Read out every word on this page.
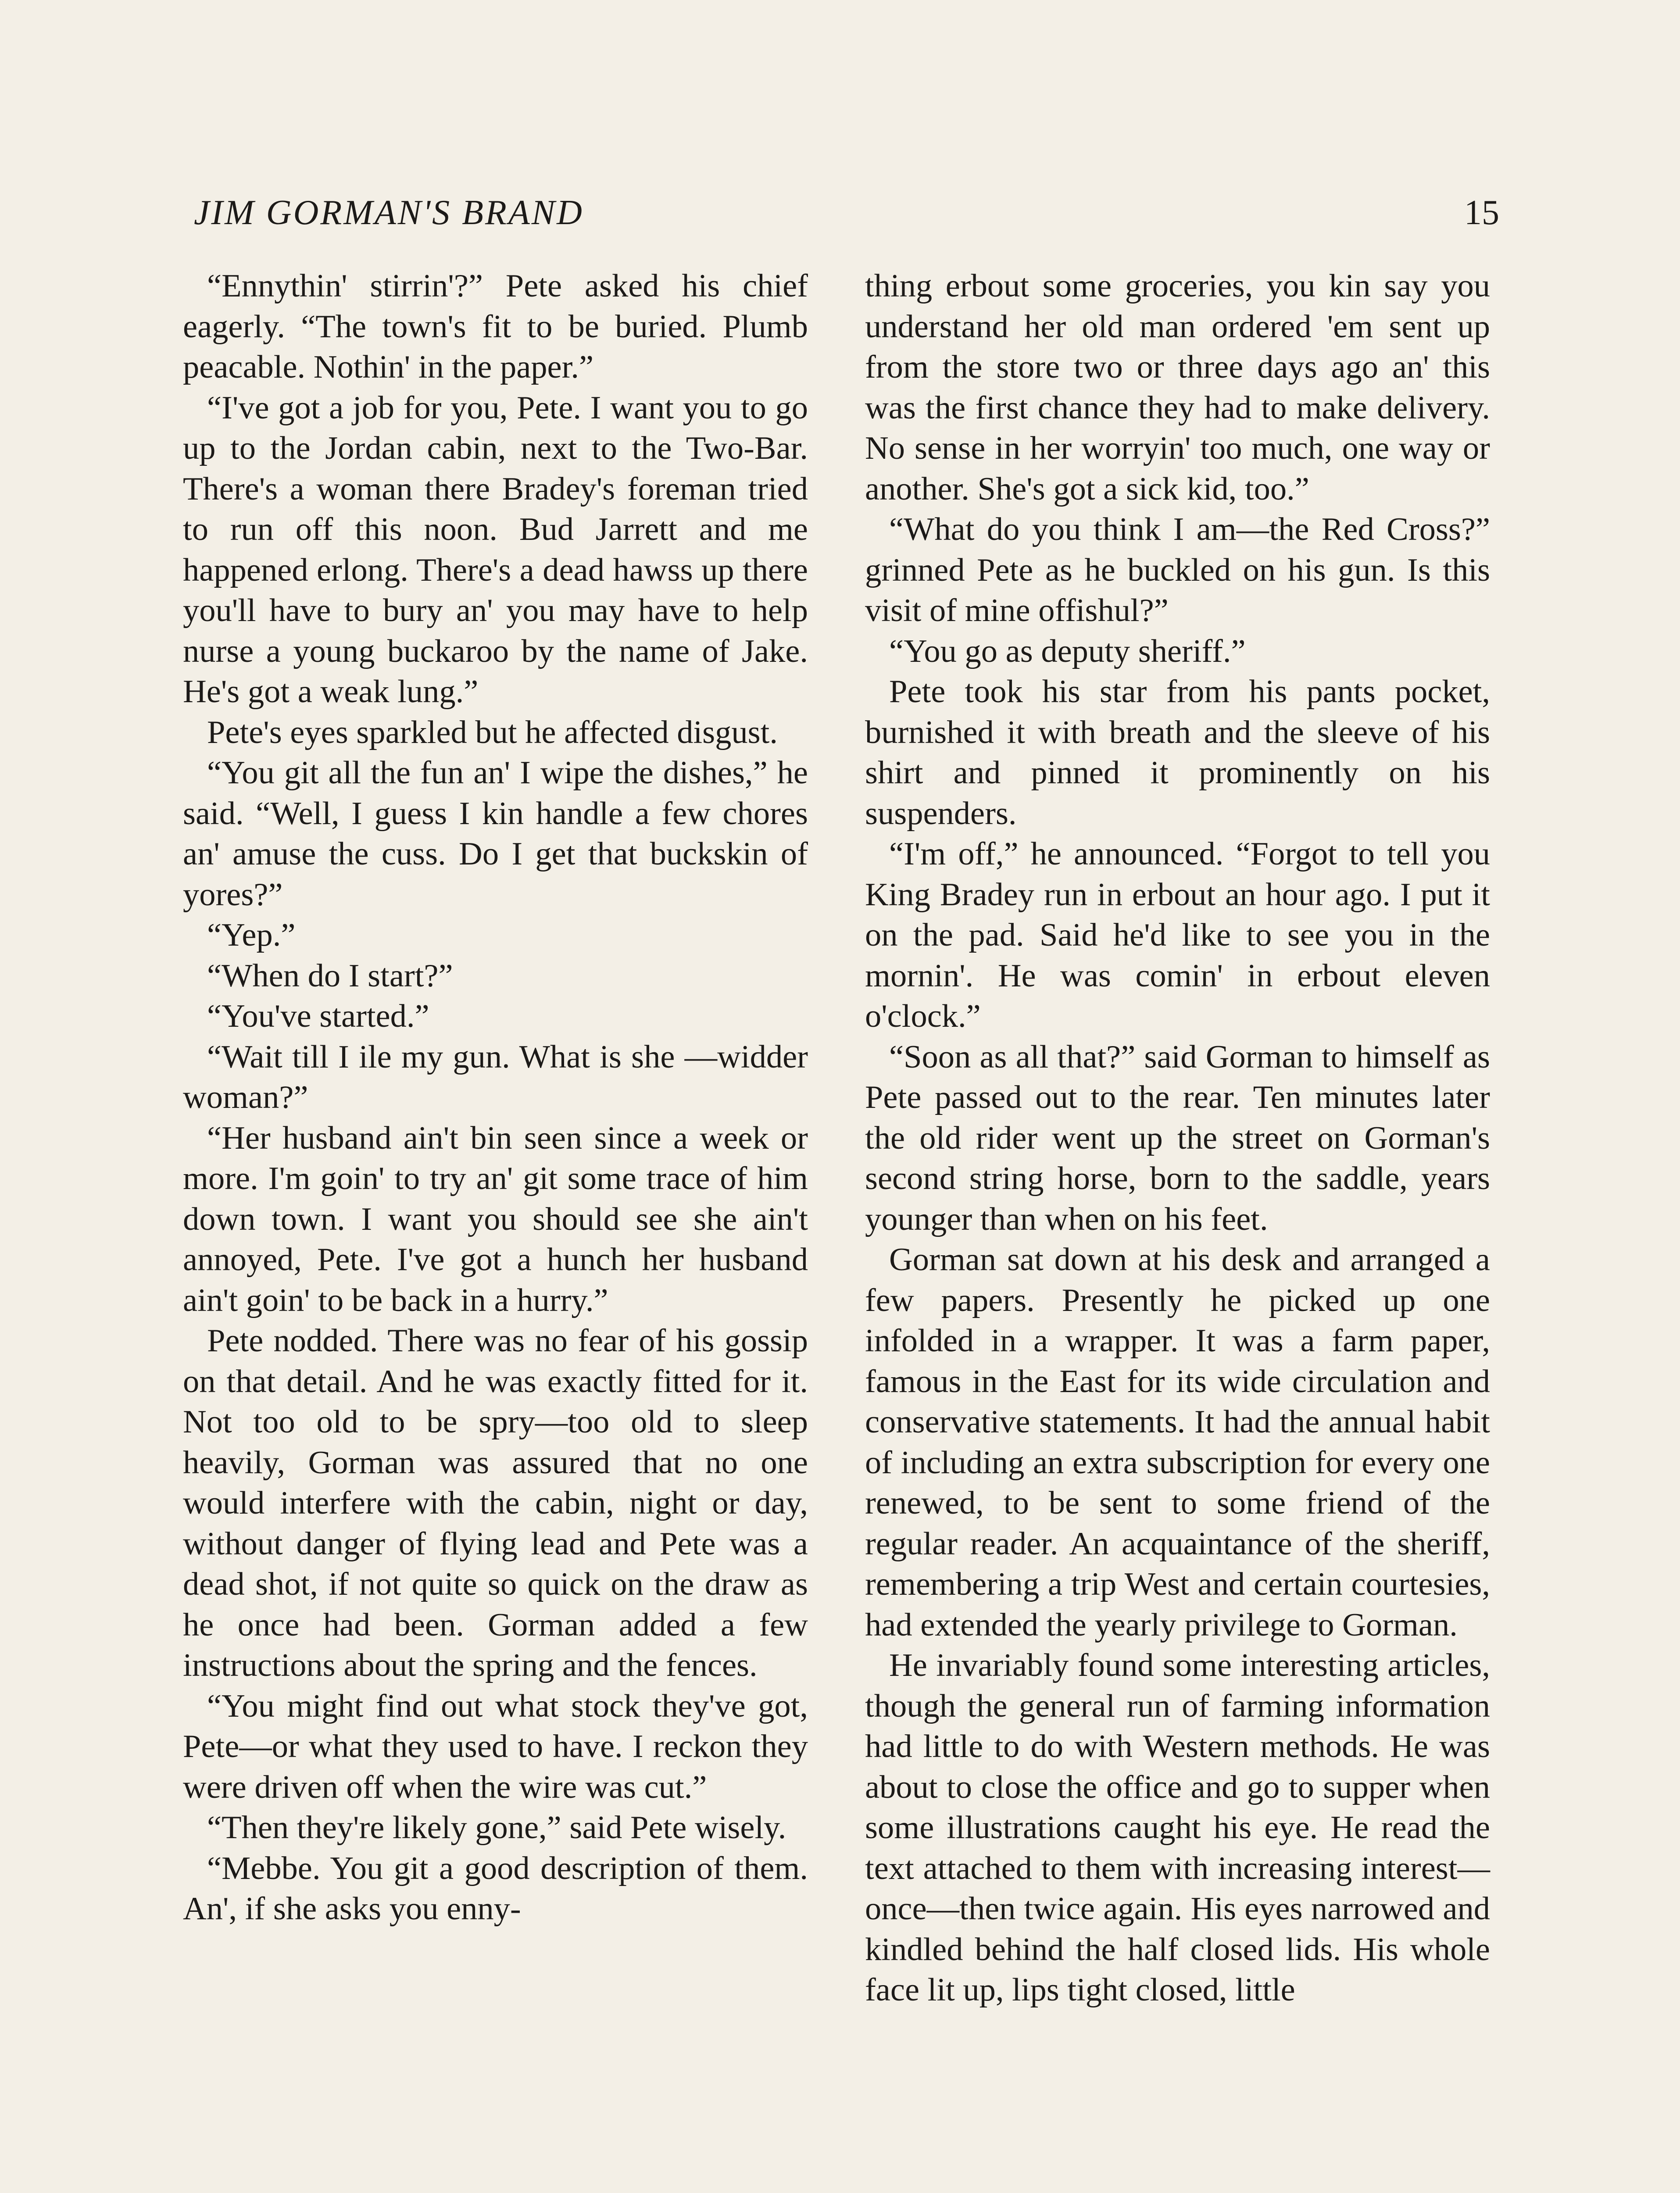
JIM GORMAN'S BRAND	15

“Ennythin' stirrin'?” Pete asked his chief eagerly. “The town's fit to be buried. Plumb peacable. Nothin' in the paper.”

“I've got a job for you, Pete. I want you to go up to the Jordan cabin, next to the Two-Bar. There's a woman there Bradey's foreman tried to run off this noon. Bud Jarrett and me happened erlong. There's a dead hawss up there you'll have to bury an' you may have to help nurse a young buckaroo by the name of Jake. He's got a weak lung.”

Pete's eyes sparkled but he affected disgust.

“You git all the fun an' I wipe the dishes,” he said. “Well, I guess I kin handle a few chores an' amuse the cuss. Do I get that buckskin of yores?”

“Yep.”

“When do I start?”

“You've started.”

“Wait till I ile my gun. What is she —widder woman?”

“Her husband ain't bin seen since a week or more. I'm goin' to try an' git some trace of him down town. I want you should see she ain't annoyed, Pete. I've got a hunch her husband ain't goin' to be back in a hurry.”

Pete nodded. There was no fear of his gossip on that detail. And he was exactly fitted for it. Not too old to be spry—too old to sleep heavily, Gorman was assured that no one would interfere with the cabin, night or day, without danger of flying lead and Pete was a dead shot, if not quite so quick on the draw as he once had been. Gorman added a few instructions about the spring and the fences.

“You might find out what stock they've got, Pete—or what they used to have. I reckon they were driven off when the wire was cut.”

“Then they're likely gone,” said Pete wisely.

“Mebbe. You git a good description of them. An', if she asks you enny-

thing erbout some groceries, you kin say you understand her old man ordered 'em sent up from the store two or three days ago an' this was the first chance they had to make delivery. No sense in her worryin' too much, one way or another. She's got a sick kid, too.”

“What do you think I am—the Red Cross?” grinned Pete as he buckled on his gun. Is this visit of mine offishul?”

“You go as deputy sheriff.”

Pete took his star from his pants pocket, burnished it with breath and the sleeve of his shirt and pinned it prominently on his suspenders.

“I'm off,” he announced. “Forgot to tell you King Bradey run in erbout an hour ago. I put it on the pad. Said he'd like to see you in the mornin'. He was comin' in erbout eleven o'clock.”

“Soon as all that?” said Gorman to himself as Pete passed out to the rear. Ten minutes later the old rider went up the street on Gorman's second string horse, born to the saddle, years younger than when on his feet.

Gorman sat down at his desk and arranged a few papers. Presently he picked up one infolded in a wrapper. It was a farm paper, famous in the East for its wide circulation and conservative statements. It had the annual habit of including an extra subscription for every one renewed, to be sent to some friend of the regular reader. An acquaintance of the sheriff, remembering a trip West and certain courtesies, had extended the yearly privilege to Gorman.

He invariably found some interesting articles, though the general run of farming information had little to do with Western methods. He was about to close the office and go to supper when some illustrations caught his eye. He read the text attached to them with increasing interest—once—then twice again. His eyes narrowed and kindled behind the half closed lids. His whole face lit up, lips tight closed, little
